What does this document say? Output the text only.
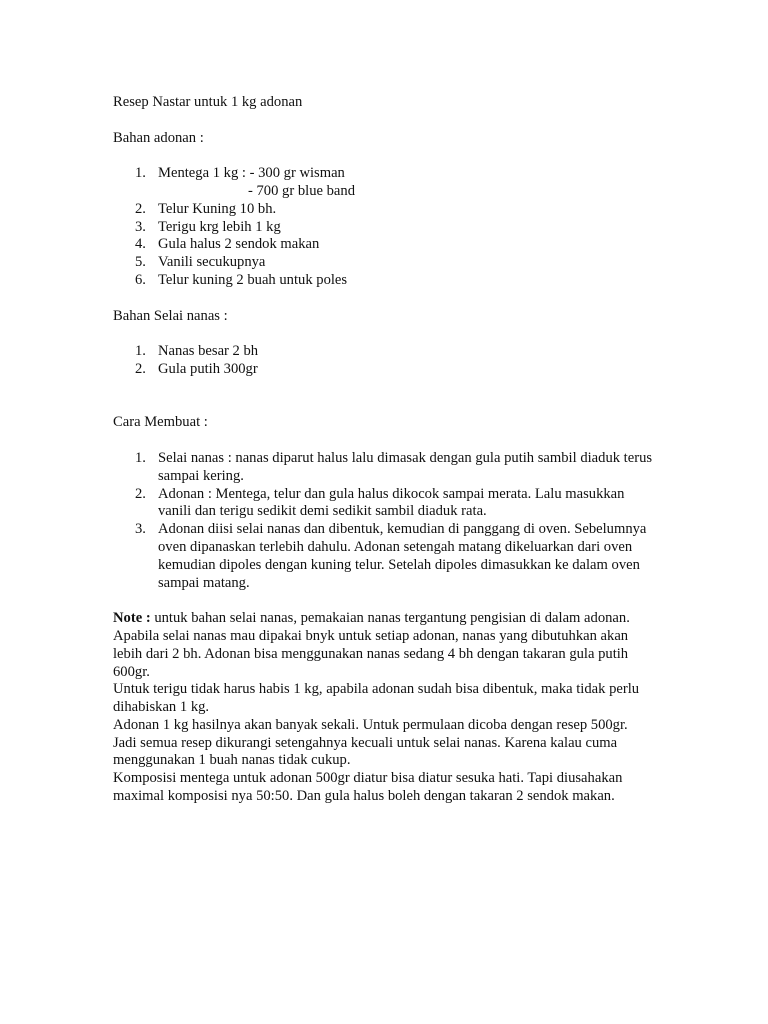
Resep Nastar untuk 1 kg adonan

Bahan adonan :

1. Mentega 1 kg : - 300 gr wisman
- 700 gr blue band
2. Telur Kuning 10 bh.
3. Terigu krg lebih 1 kg
4. Gula halus 2 sendok makan
5. Vanili secukupnya
6. Telur kuning 2 buah untuk poles

Bahan Selai nanas :

1. Nanas besar 2 bh
2. Gula putih 300gr

Cara Membuat :

1. Selai nanas : nanas diparut halus lalu dimasak dengan gula putih sambil diaduk terus sampai kering.
2. Adonan : Mentega, telur dan gula halus dikocok sampai merata. Lalu masukkan vanili dan terigu sedikit demi sedikit sambil diaduk rata.
3. Adonan diisi selai nanas dan dibentuk, kemudian di panggang di oven. Sebelumnya oven dipanaskan terlebih dahulu. Adonan setengah matang dikeluarkan dari oven kemudian dipoles dengan kuning telur. Setelah dipoles dimasukkan ke dalam oven sampai matang.

Note : untuk bahan selai nanas, pemakaian nanas tergantung pengisian di dalam adonan. Apabila selai nanas mau dipakai bnyk untuk setiap adonan, nanas yang dibutuhkan akan lebih dari 2 bh. Adonan bisa menggunakan nanas sedang 4 bh dengan takaran gula putih 600gr.

Untuk terigu tidak harus habis 1 kg, apabila adonan sudah bisa dibentuk, maka tidak perlu dihabiskan 1 kg.

Adonan 1 kg hasilnya akan banyak sekali. Untuk permulaan dicoba dengan resep 500gr. Jadi semua resep dikurangi setengahnya kecuali untuk selai nanas. Karena kalau cuma menggunakan 1 buah nanas tidak cukup.

Komposisi mentega untuk adonan 500gr diatur bisa diatur sesuka hati. Tapi diusahakan maximal komposisi nya 50:50. Dan gula halus boleh dengan takaran 2 sendok makan.
